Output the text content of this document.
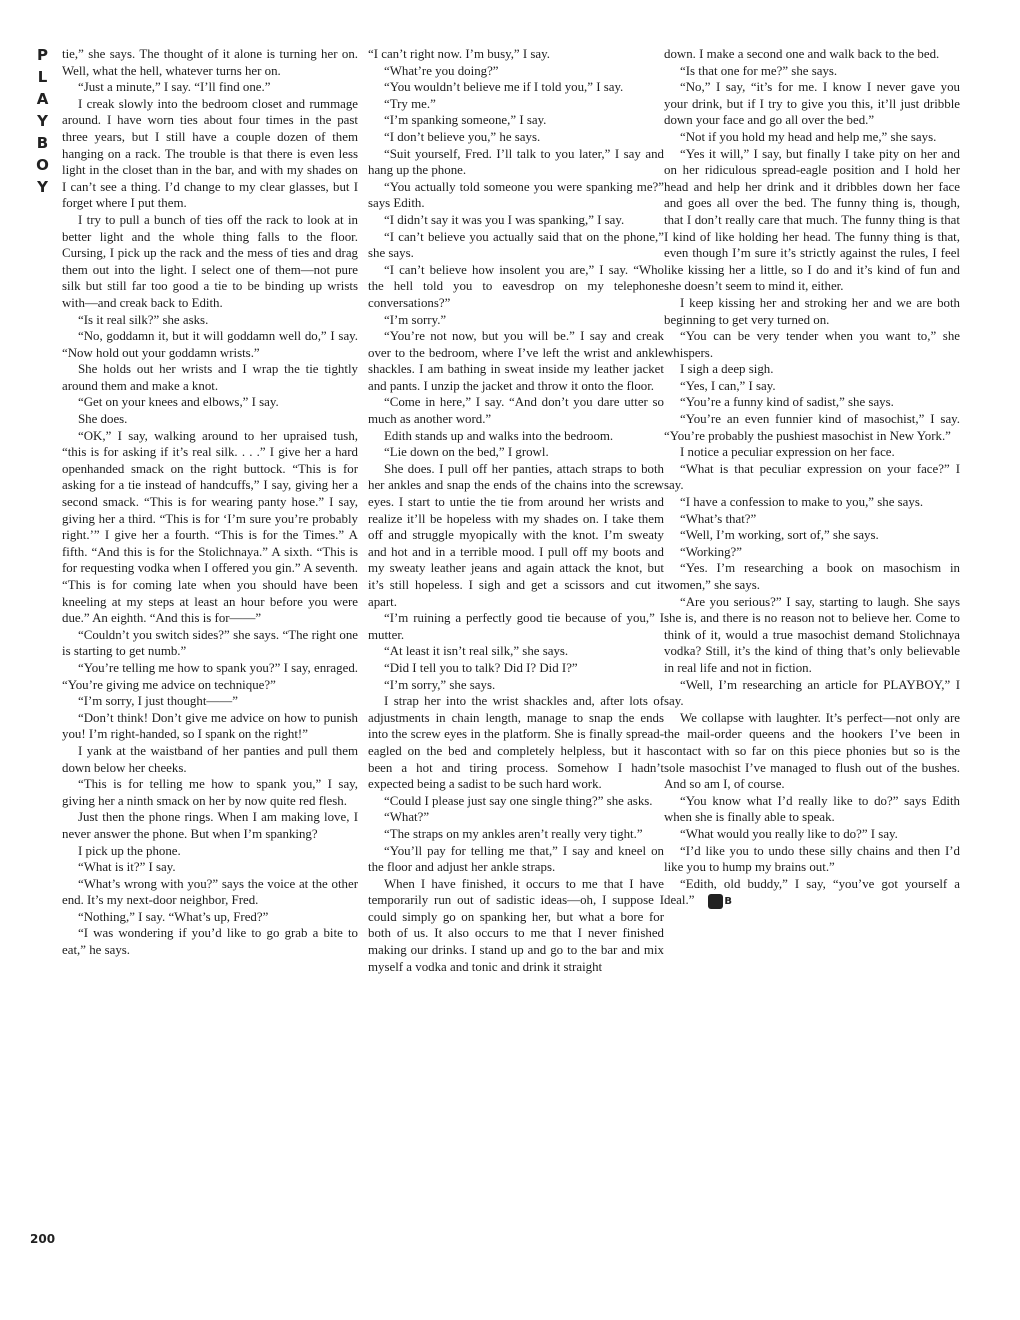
P
L
A
Y
B
O
Y
200

tie,” she says. The thought of it alone is turning her on. Well, what the hell, whatever turns her on.

“Just a minute,” I say. “I’ll find one.”

I creak slowly into the bedroom closet and rummage around. I have worn ties about four times in the past three years, but I still have a couple dozen of them hanging on a rack. The trouble is that there is even less light in the closet than in the bar, and with my shades on I can’t see a thing. I’d change to my clear glasses, but I forget where I put them.

I try to pull a bunch of ties off the rack to look at in better light and the whole thing falls to the floor. Cursing, I pick up the rack and the mess of ties and drag them out into the light. I select one of them—not pure silk but still far too good a tie to be binding up wrists with—and creak back to Edith.

“Is it real silk?” she asks.

“No, goddamn it, but it will goddamn well do,” I say. “Now hold out your goddamn wrists.”

She holds out her wrists and I wrap the tie tightly around them and make a knot.

“Get on your knees and elbows,” I say.

She does.

“OK,” I say, walking around to her upraised tush, “this is for asking if it’s real silk. . . .” I give her a hard openhanded smack on the right buttock. “This is for asking for a tie instead of handcuffs,” I say, giving her a second smack. “This is for wearing panty hose.” I say, giving her a third. “This is for ‘I’m sure you’re probably right.’” I give her a fourth. “This is for the Times.” A fifth. “And this is for the Stolichnaya.” A sixth. “This is for requesting vodka when I offered you gin.” A seventh. “This is for coming late when you should have been kneeling at my steps at least an hour before you were due.” An eighth. “And this is for——”

“Couldn’t you switch sides?” she says. “The right one is starting to get numb.”

“You’re telling me how to spank you?” I say, enraged. “You’re giving me advice on technique?”

“I’m sorry, I just thought——”

“Don’t think! Don’t give me advice on how to punish you! I’m right-handed, so I spank on the right!”

I yank at the waistband of her panties and pull them down below her cheeks.

“This is for telling me how to spank you,” I say, giving her a ninth smack on her by now quite red flesh.

Just then the phone rings. When I am making love, I never answer the phone. But when I’m spanking?

I pick up the phone.

“What is it?” I say.

“What’s wrong with you?” says the voice at the other end. It’s my next-door neighbor, Fred.

“Nothing,” I say. “What’s up, Fred?”

“I was wondering if you’d like to go grab a bite to eat,” he says.

“I can’t right now. I’m busy,” I say.

“What’re you doing?”

“You wouldn’t believe me if I told you,” I say.

“Try me.”

“I’m spanking someone,” I say.

“I don’t believe you,” he says.

“Suit yourself, Fred. I’ll talk to you later,” I say and hang up the phone.

“You actually told someone you were spanking me?” says Edith.

“I didn’t say it was you I was spanking,” I say.

“I can’t believe you actually said that on the phone,” she says.

“I can’t believe how insolent you are,” I say. “Who the hell told you to eavesdrop on my telephone conversations?”

“I’m sorry.”

“You’re not now, but you will be.” I say and creak over to the bedroom, where I’ve left the wrist and ankle shackles. I am bathing in sweat inside my leather jacket and pants. I unzip the jacket and throw it onto the floor.

“Come in here,” I say. “And don’t you dare utter so much as another word.”

Edith stands up and walks into the bedroom.

“Lie down on the bed,” I growl.

She does. I pull off her panties, attach straps to both her ankles and snap the ends of the chains into the screw eyes. I start to untie the tie from around her wrists and realize it’ll be hopeless with my shades on. I take them off and struggle myopically with the knot. I’m sweaty and hot and in a terrible mood. I pull off my boots and my sweaty leather jeans and again attack the knot, but it’s still hopeless. I sigh and get a scissors and cut it apart.

“I’m ruining a perfectly good tie because of you,” I mutter.

“At least it isn’t real silk,” she says.

“Did I tell you to talk? Did I? Did I?”

“I’m sorry,” she says.

I strap her into the wrist shackles and, after lots of adjustments in chain length, manage to snap the ends into the screw eyes in the platform. She is finally spread-eagled on the bed and completely helpless, but it has been a hot and tiring process. Somehow I hadn’t expected being a sadist to be such hard work.

“Could I please just say one single thing?” she asks.

“What?”

“The straps on my ankles aren’t really very tight.”

“You’ll pay for telling me that,” I say and kneel on the floor and adjust her ankle straps.

When I have finished, it occurs to me that I have temporarily run out of sadistic ideas—oh, I suppose I could simply go on spanking her, but what a bore for both of us. It also occurs to me that I never finished making our drinks. I stand up and go to the bar and mix myself a vodka and tonic and drink it straight

down. I make a second one and walk back to the bed.

“Is that one for me?” she says.

“No,” I say, “it’s for me. I know I never gave you your drink, but if I try to give you this, it’ll just dribble down your face and go all over the bed.”

“Not if you hold my head and help me,” she says.

“Yes it will,” I say, but finally I take pity on her and on her ridiculous spread-eagle position and I hold her head and help her drink and it dribbles down her face and goes all over the bed. The funny thing is, though, that I don’t really care that much. The funny thing is that I kind of like holding her head. The funny thing is that, even though I’m sure it’s strictly against the rules, I feel like kissing her a little, so I do and it’s kind of fun and she doesn’t seem to mind it, either.

I keep kissing her and stroking her and we are both beginning to get very turned on.

“You can be very tender when you want to,” she whispers.

I sigh a deep sigh.

“Yes, I can,” I say.

“You’re a funny kind of sadist,” she says.

“You’re an even funnier kind of masochist,” I say. “You’re probably the pushiest masochist in New York.”

I notice a peculiar expression on her face.

“What is that peculiar expression on your face?” I say.

“I have a confession to make to you,” she says.

“What’s that?”

“Well, I’m working, sort of,” she says.

“Working?”

“Yes. I’m researching a book on masochism in women,” she says.

“Are you serious?” I say, starting to laugh. She says she is, and there is no reason not to believe her. Come to think of it, would a true masochist demand Stolichnaya vodka? Still, it’s the kind of thing that’s only believable in real life and not in fiction.

“Well, I’m researching an article for PLAYBOY,” I say.

We collapse with laughter. It’s perfect—not only are the mail-order queens and the hookers I’ve been in contact with so far on this piece phonies but so is the sole masochist I’ve managed to flush out of the bushes. And so am I, of course.

“You know what I’d really like to do?” says Edith when she is finally able to speak.

“What would you really like to do?” I say.

“I’d like you to undo these silly chains and then I’d like you to hump my brains out.”

“Edith, old buddy,” I say, “you’ve got yourself a deal.”	B
